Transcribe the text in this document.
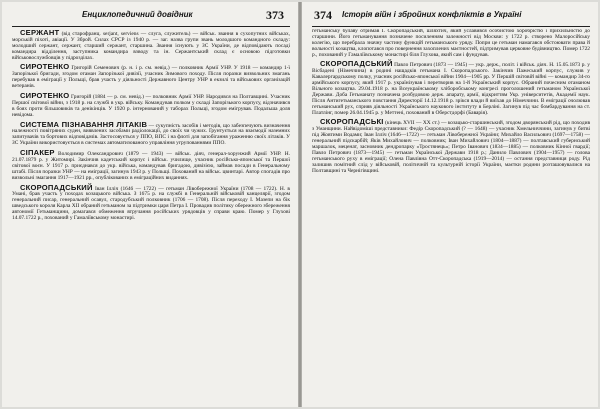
Енциклопедичний довідник	373

СЕРЖАНТ (від старофранц. serjant, serviens — слуга, служитель) — військ. звання в сухопутних військах, морській піхоті, авіації. У Зброй. Силах СРСР із 1940 р. — заг. назва групи звань молодшого командного складу: молодший сержант, сержант, старший сержант, старшина. Звання існують у ЗС України, де відповідають посаді командира відділення, заступника командира взводу та ін. Сержантський склад є основою підготовки військовослужбовців у підрозділах.

СИРОТЕНКО Григорій Семенович (р. н. і р. см. невід.) — полковник Армії УНР. У 1918 — командир 1-ї Запорізької бригади, згодом отаман Запорізької дивізії, учасник Зимового походу. Після поразки визвольних змагань перебував в еміграції у Польщі, брав участь у діяльності Державного Центру УНР в екзилі та військових організацій ветеранів.

СИРОТЕНКО Григорій (1884 — р. см. невід.) — полковник Армії УНР. Народився на Полтавщині. Учасник Першої світової війни, з 1918 р. на службі в укр. війську. Командував полком у складі Запорізького корпусу, відзначився в боях проти більшовиків та денікінців. У 1920 р. інтернований у таборах Польщі, згодом емігрував. Подальша доля невідома.

СИСТЕМА ПІЗНАВАННЯ ЛІТАКІВ — сукупність засобів і методів, що забезпечують визначення належності повітряних суден, виявлених засобами радіолокації, до своїх чи чужих. Ґрунтується на взаємодії наземних запитувачів та бортових відповідачів. Застосовується у ППО, ВПС і на флоті для запобігання ураженню своїх літаків. У ЗС України використовується в системах автоматизованого управління угрупованнями ППО.

СІПАКЕР Володимир Олександрович (1879 — 1943) — військ. діяч, генерал-хорунжий Армії УНР. Н. 21.07.1879 р. у Житомирі. Закінчив кадетський корпус і військ. училище, учасник російсько-японської та Першої світової воєн. У 1917 р. приєднався до укр. війська, командував бригадою, дивізією, займав посади в Генеральному штабі. Після поразки УНР — на еміграції, загинув 1943 р. у Польщі. Похований на військ. цвинтарі. Автор спогадів про визвольні змагання 1917—1921 рр., опублікованих в еміграційних виданнях.

СКОРОПАДСЬКИЙ Іван Ілліч (1646 — 1722) — гетьман Лівобережної України (1708 — 1722). Н. в Умані, брав участь у походах козацького війська. З 1675 р. на службі в Генеральній військовій канцелярії, згодом генеральний писар, генеральний осавул, стародубський полковник (1706 — 1708). Після переходу І. Мазепи на бік шведського короля Карла XII обраний гетьманом за підтримки царя Петра I. Провадив політику обережного збереження автономії Гетьманщини, домагався обмеження втручання російських урядовців у справи краю. Помер у Глухові 14.07.1722 р., похований у Гамаліївському монастирі.

374 Історія війн і збройних конфліктів в Україні

гетьманську булаву отримав І. Скоропадський, шляхтич, який уславився особистою хоробрістю і прихильністю до старшини. Його гетьманування позначене посиленням залежності від Москви: у 1722 р. створено Малоросійську колегію, що перебрала значну частину функцій гетьманського уряду. Попри це гетьман намагався обстоювати права й вольності козацтва, клопотався про повернення захоплених маєтностей, підтримував церковне будівництво. Помер 1722 р., похований у Гамаліївському монастирі біля Глухова, який сам і фундував.

СКОРОПАДСЬКИЙ Павло Петрович (1873 — 1945) — укр. держ., політ. і військ. діяч. Н. 15.05.1873 р. у Вісбадені (Німеччина) в родині нащадків гетьмана І. Скоропадського. Закінчив Пажеський корпус, служив у Кавалергардському полку, учасник російсько-японської війни 1904—1905 рр. У Першій світовій війні — командир 34-го армійського корпусу, який 1917 р. українізував і перетворив на 1-й Український корпус. Обраний почесним отаманом Вільного козацтва. 29.04.1918 р. на Всеукраїнському хліборобському конгресі проголошений гетьманом Української Держави. Доба Гетьманату позначена розбудовою держ. апарату, армії, відкриттям Укр. університетів, Академії наук. Після Антигетьманського повстання Директорії 14.12.1918 р. зрікся влади й виїхав до Німеччини. В еміграції очолював гетьманський рух, сприяв діяльності Українського наукового інституту в Берліні. Загинув під час бомбардування на ст. Платлінг, помер 26.04.1945 р. у Меттені, похований в Оберстдорфі (Баварія).

СКОРОПАДСЬКІ (кінець XVII — XX ст.) — козацько-старшинський, згодом дворянський рід, що походив з Уманщини. Найвідоміші представники: Федір Скоропадський (? — 1648) — учасник Хмельниччини, загинув у битві під Жовтими Водами; Іван Ілліч (1646—1722) — гетьман Лівобережної України; Михайло Васильович (1697—1758) — генеральний підскарбій; Яків Михайлович — полковник; Іван Михайлович (1804—1887) — полтавський губернський маршалок, меценат, засновник дендропарку «Тростянець»; Петро Іванович (1834—1885) — полковник Кінної гвардії; Павло Петрович (1873—1945) — гетьман Української Держави 1918 р.; Данило Павлович (1904—1957) — голова гетьманського руху в еміграції; Олена Павлівна Отт-Скоропадська (1919—2014) — остання представниця роду. Рід залишив помітний слід у військовій, політичній та культурній історії України, маєтки родини розташовувалися на Полтавщині та Чернігівщині.
